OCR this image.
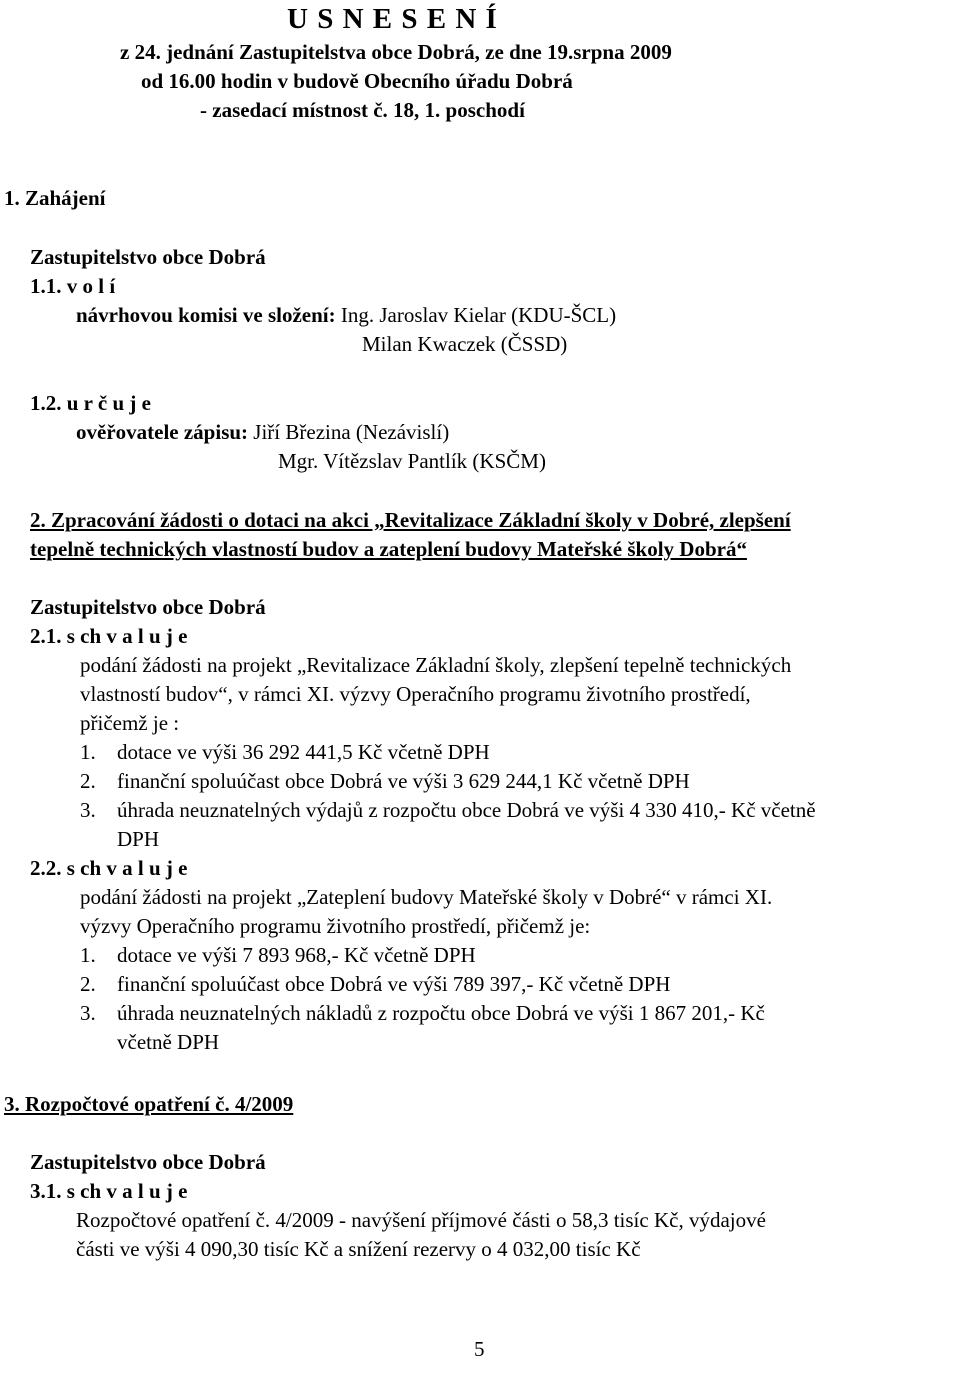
U S N E S E N Í
z 24. jednání Zastupitelstva obce Dobrá, ze dne 19.srpna 2009
od 16.00 hodin v budově Obecního úřadu Dobrá
- zasedací místnost č. 18, 1. poschodí
1. Zahájení
Zastupitelstvo obce Dobrá
1.1. v o l í
návrhovou komisi ve složení: Ing. Jaroslav Kielar (KDU-ŠCL)
Milan Kwaczek (ČSSD)
1.2. u r č u j e
ověřovatele zápisu: Jiří Březina (Nezávislí)
Mgr. Vítězslav Pantlík (KSČM)
2. Zpracování žádosti o dotaci na akci „Revitalizace Základní školy v Dobré, zlepšení
tepelně technických vlastností budov a zateplení budovy Mateřské školy Dobrá“
Zastupitelstvo obce Dobrá
2.1. s ch v a l u j e
podání žádosti na projekt „Revitalizace Základní školy, zlepšení tepelně technických
vlastností budov“, v rámci XI. výzvy Operačního programu životního prostředí,
přičemž je :
1. dotace ve výši 36 292 441,5 Kč včetně DPH
2. finanční spoluúčast obce Dobrá ve výši 3 629 244,1 Kč včetně DPH
3. úhrada neuznatelných výdajů z rozpočtu obce Dobrá ve výši 4 330 410,- Kč včetně
DPH
2.2. s ch v a l u j e
podání žádosti na projekt „Zateplení budovy Mateřské školy v Dobré“ v rámci XI.
výzvy Operačního programu životního prostředí, přičemž je:
1. dotace ve výši 7 893 968,- Kč včetně DPH
2. finanční spoluúčast obce Dobrá ve výši 789 397,- Kč včetně DPH
3. úhrada neuznatelných nákladů z rozpočtu obce Dobrá ve výši 1 867 201,- Kč
včetně DPH
3. Rozpočtové opatření č. 4/2009
Zastupitelstvo obce Dobrá
3.1. s ch v a l u j e
Rozpočtové opatření č. 4/2009 - navýšení příjmové části o 58,3 tisíc Kč, výdajové
části ve výši 4 090,30 tisíc Kč a snížení rezervy o 4 032,00 tisíc Kč
5
